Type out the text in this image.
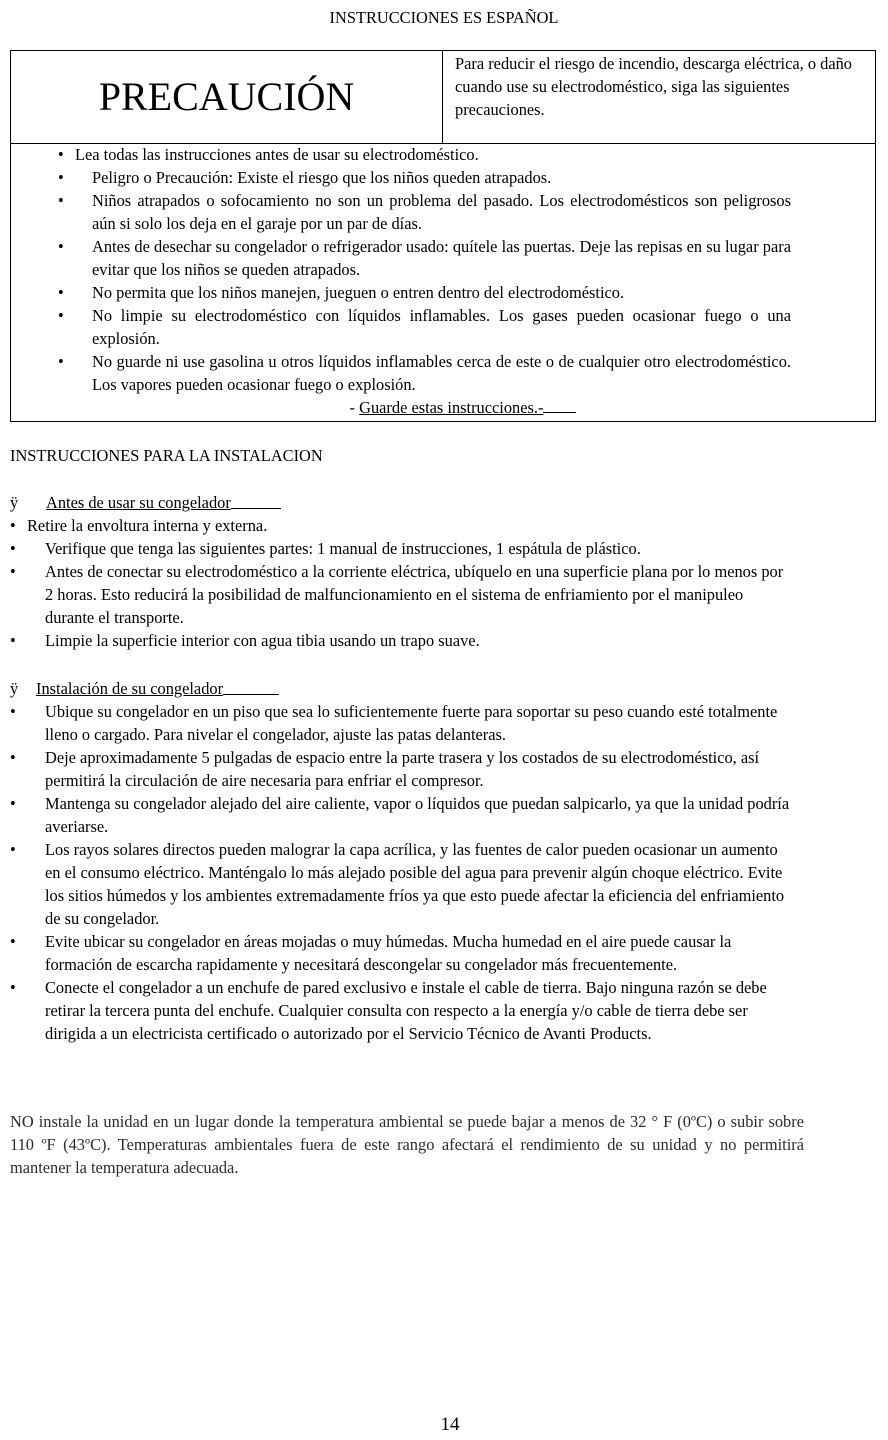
INSTRUCCIONES ES ESPAÑOL
PRECAUCIÓN
Para reducir el riesgo de incendio, descarga eléctrica, o daño cuando use su electrodoméstico, siga las siguientes precauciones.
• Lea todas las instrucciones antes de usar su electrodoméstico.
• Peligro o Precaución: Existe el riesgo que los niños queden atrapados.
• Niños atrapados o sofocamiento no son un problema del pasado. Los electrodomésticos son peligrosos aún si solo los deja en el garaje por un par de días.
• Antes de desechar su congelador o refrigerador usado: quítele las puertas. Deje las repisas en su lugar para evitar que los niños se queden atrapados.
• No permita que los niños manejen, jueguen o entren dentro del electrodoméstico.
• No limpie su electrodoméstico con líquidos inflamables. Los gases pueden ocasionar fuego o una explosión.
• No guarde ni use gasolina u otros líquidos inflamables cerca de este o de cualquier otro electrodoméstico. Los vapores pueden ocasionar fuego o explosión.
- Guarde estas instrucciones.-
INSTRUCCIONES PARA LA INSTALACION
ÿ	Antes de usar su congelador
• Retire la envoltura interna y externa.
• Verifique que tenga las siguientes partes: 1 manual de instrucciones, 1 espátula de plástico.
• Antes de conectar su electrodoméstico a la corriente eléctrica, ubíquelo en una superficie plana por lo menos por 2 horas. Esto reducirá la posibilidad de malfuncionamiento en el sistema de enfriamiento por el manipuleo durante el transporte.
• Limpie la superficie interior con agua tibia usando un trapo suave.
ÿ	Instalación de su congelador
• Ubique su congelador en un piso que sea lo suficientemente fuerte para soportar su peso cuando esté totalmente lleno o cargado. Para nivelar el congelador, ajuste las patas delanteras.
• Deje aproximadamente 5 pulgadas de espacio entre la parte trasera y los costados de su electrodoméstico, así permitirá la circulación de aire necesaria para enfriar el compresor.
• Mantenga su congelador alejado del aire caliente, vapor o líquidos que puedan salpicarlo, ya que la unidad podría averiarse.
• Los rayos solares directos pueden malograr la capa acrílica, y las fuentes de calor pueden ocasionar un aumento en el consumo eléctrico. Manténgalo lo más alejado posible del agua para prevenir algún choque eléctrico. Evite los sitios húmedos y los ambientes extremadamente fríos ya que esto puede afectar la eficiencia del enfriamiento de su congelador.
• Evite ubicar su congelador en áreas mojadas o muy húmedas. Mucha humedad en el aire puede causar la formación de escarcha rapidamente y necesitará descongelar su congelador más frecuentemente.
• Conecte el congelador a un enchufe de pared exclusivo e instale el cable de tierra. Bajo ninguna razón se debe retirar la tercera punta del enchufe. Cualquier consulta con respecto a la energía y/o cable de tierra debe ser dirigida a un electricista certificado o autorizado por el Servicio Técnico de Avanti Products.
NO instale la unidad en un lugar donde la temperatura ambiental se puede bajar a menos de 32 ° F (0ºC) o subir sobre 110 ºF (43ºC). Temperaturas ambientales fuera de este rango afectará el rendimiento de su unidad y no permitirá mantener la temperatura adecuada.
14
